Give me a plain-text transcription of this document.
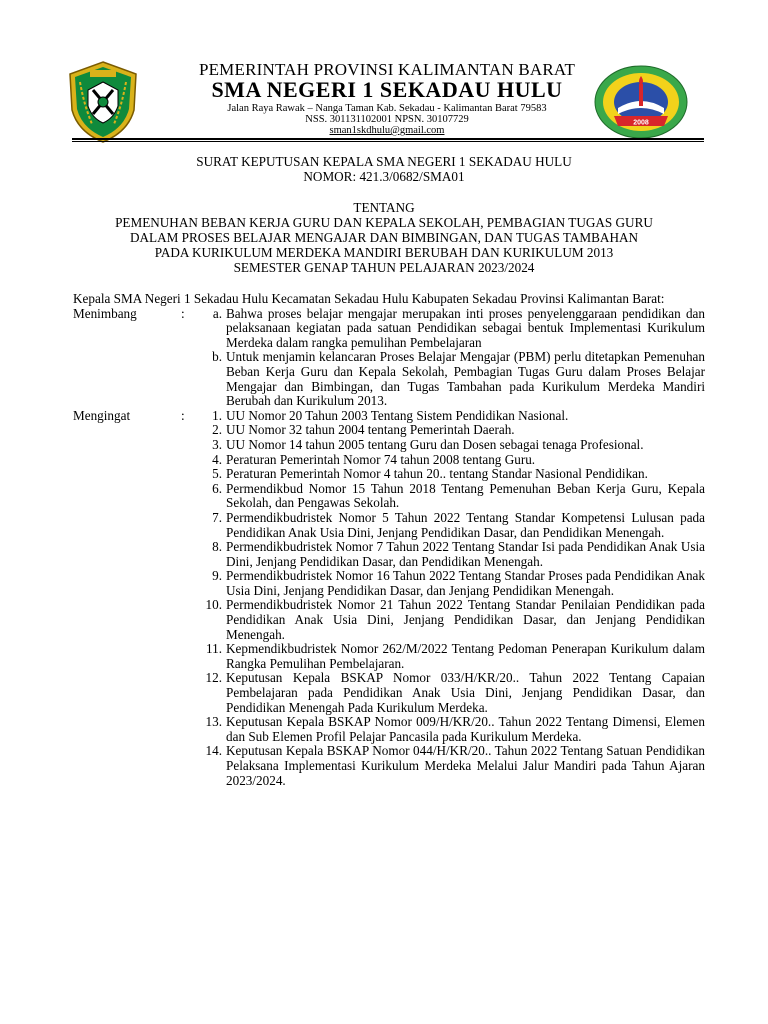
PEMERINTAH PROVINSI KALIMANTAN BARAT
SMA NEGERI 1 SEKADAU HULU
Jalan Raya Rawak – Nanga Taman Kab. Sekadau - Kalimantan Barat 79583
NSS. 301131102001 NPSN. 30107729
sman1skdhulu@gmail.com
2008
SURAT KEPUTUSAN KEPALA SMA NEGERI 1 SEKADAU HULU
NOMOR: 421.3/0682/SMA01
TENTANG
PEMENUHAN BEBAN KERJA GURU DAN KEPALA SEKOLAH, PEMBAGIAN TUGAS GURU
DALAM PROSES BELAJAR MENGAJAR DAN BIMBINGAN, DAN TUGAS TAMBAHAN
PADA KURIKULUM MERDEKA MANDIRI BERUBAH DAN KURIKULUM 2013
SEMESTER GENAP TAHUN PELAJARAN 2023/2024
Kepala SMA Negeri 1 Sekadau Hulu Kecamatan Sekadau Hulu Kabupaten Sekadau Provinsi Kalimantan Barat:
Menimbang	:	a. Bahwa proses belajar mengajar merupakan inti proses penyelenggaraan pendidikan dan pelaksanaan kegiatan pada satuan Pendidikan sebagai bentuk Implementasi Kurikulum Merdeka dalam rangka pemulihan Pembelajaran
b. Untuk menjamin kelancaran Proses Belajar Mengajar (PBM) perlu ditetapkan Pemenuhan Beban Kerja Guru dan Kepala Sekolah, Pembagian Tugas Guru dalam Proses Belajar Mengajar dan Bimbingan, dan Tugas Tambahan pada Kurikulum Merdeka Mandiri Berubah dan Kurikulum 2013.
Mengingat	:	1. UU Nomor 20 Tahun 2003 Tentang Sistem Pendidikan Nasional.
2. UU Nomor 32 tahun 2004 tentang Pemerintah Daerah.
3. UU Nomor 14 tahun 2005 tentang Guru dan Dosen sebagai tenaga Profesional.
4. Peraturan Pemerintah Nomor 74 tahun 2008 tentang Guru.
5. Peraturan Pemerintah Nomor 4 tahun 20.. tentang Standar Nasional Pendidikan.
6. Permendikbud Nomor 15 Tahun 2018 Tentang Pemenuhan Beban Kerja Guru, Kepala Sekolah, dan Pengawas Sekolah.
7. Permendikbudristek Nomor 5 Tahun 2022 Tentang Standar Kompetensi Lulusan pada Pendidikan Anak Usia Dini, Jenjang Pendidikan Dasar, dan Pendidikan Menengah.
8. Permendikbudristek Nomor 7 Tahun 2022 Tentang Standar Isi pada Pendidikan Anak Usia Dini, Jenjang Pendidikan Dasar, dan Pendidikan Menengah.
9. Permendikbudristek Nomor 16 Tahun 2022 Tentang Standar Proses pada Pendidikan Anak Usia Dini, Jenjang Pendidikan Dasar, dan Jenjang Pendidikan Menengah.
10. Permendikbudristek Nomor 21 Tahun 2022 Tentang Standar Penilaian Pendidikan pada Pendidikan Anak Usia Dini, Jenjang Pendidikan Dasar, dan Jenjang Pendidikan Menengah.
11. Kepmendikbudristek Nomor 262/M/2022 Tentang Pedoman Penerapan Kurikulum dalam Rangka Pemulihan Pembelajaran.
12. Keputusan Kepala BSKAP Nomor 033/H/KR/20.. Tahun 2022 Tentang Capaian Pembelajaran pada Pendidikan Anak Usia Dini, Jenjang Pendidikan Dasar, dan Pendidikan Menengah Pada Kurikulum Merdeka.
13. Keputusan Kepala BSKAP Nomor 009/H/KR/20.. Tahun 2022 Tentang Dimensi, Elemen dan Sub Elemen Profil Pelajar Pancasila pada Kurikulum Merdeka.
14. Keputusan Kepala BSKAP Nomor 044/H/KR/20.. Tahun 2022 Tentang Satuan Pendidikan Pelaksana Implementasi Kurikulum Merdeka Melalui Jalur Mandiri pada Tahun Ajaran 2023/2024.
